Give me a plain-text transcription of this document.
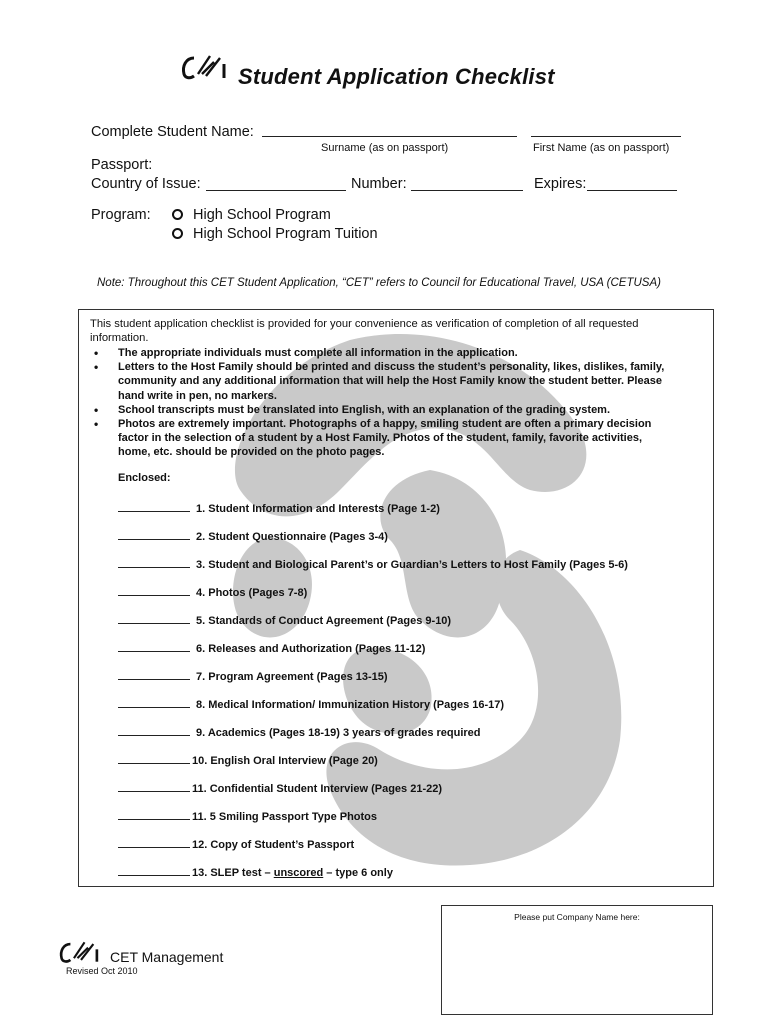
Student Application Checklist
Complete Student Name:
Surname (as on passport)	First Name (as on passport)
Passport:
Country of Issue:	Number:	Expires:
Program:	High School Program
High School Program Tuition
Note: Throughout this CET Student Application, “CET” refers to Council for Educational Travel, USA (CETUSA)
This student application checklist is provided for your convenience as verification of completion of all requested information.
• The appropriate individuals must complete all information in the application.
• Letters to the Host Family should be printed and discuss the student’s personality, likes, dislikes, family, community and any additional information that will help the Host Family know the student better. Please hand write in pen, no markers.
• School transcripts must be translated into English, with an explanation of the grading system.
• Photos are extremely important. Photographs of a happy, smiling student are often a primary decision factor in the selection of a student by a Host Family. Photos of the student, family, favorite activities, home, etc. should be provided on the photo pages.
Enclosed:
1. Student Information and Interests (Page 1-2)
2. Student Questionnaire (Pages 3-4)
3. Student and Biological Parent’s or Guardian’s Letters to Host Family (Pages 5-6)
4. Photos (Pages 7-8)
5. Standards of Conduct Agreement (Pages 9-10)
6. Releases and Authorization (Pages 11-12)
7. Program Agreement (Pages 13-15)
8. Medical Information/ Immunization History (Pages 16-17)
9. Academics (Pages 18-19) 3 years of grades required
10. English Oral Interview (Page 20)
11. Confidential Student Interview (Pages 21-22)
11. 5 Smiling Passport Type Photos
12. Copy of Student’s Passport
13. SLEP test – unscored – type 6 only
Please put Company Name here:
CET Management
Revised Oct 2010
